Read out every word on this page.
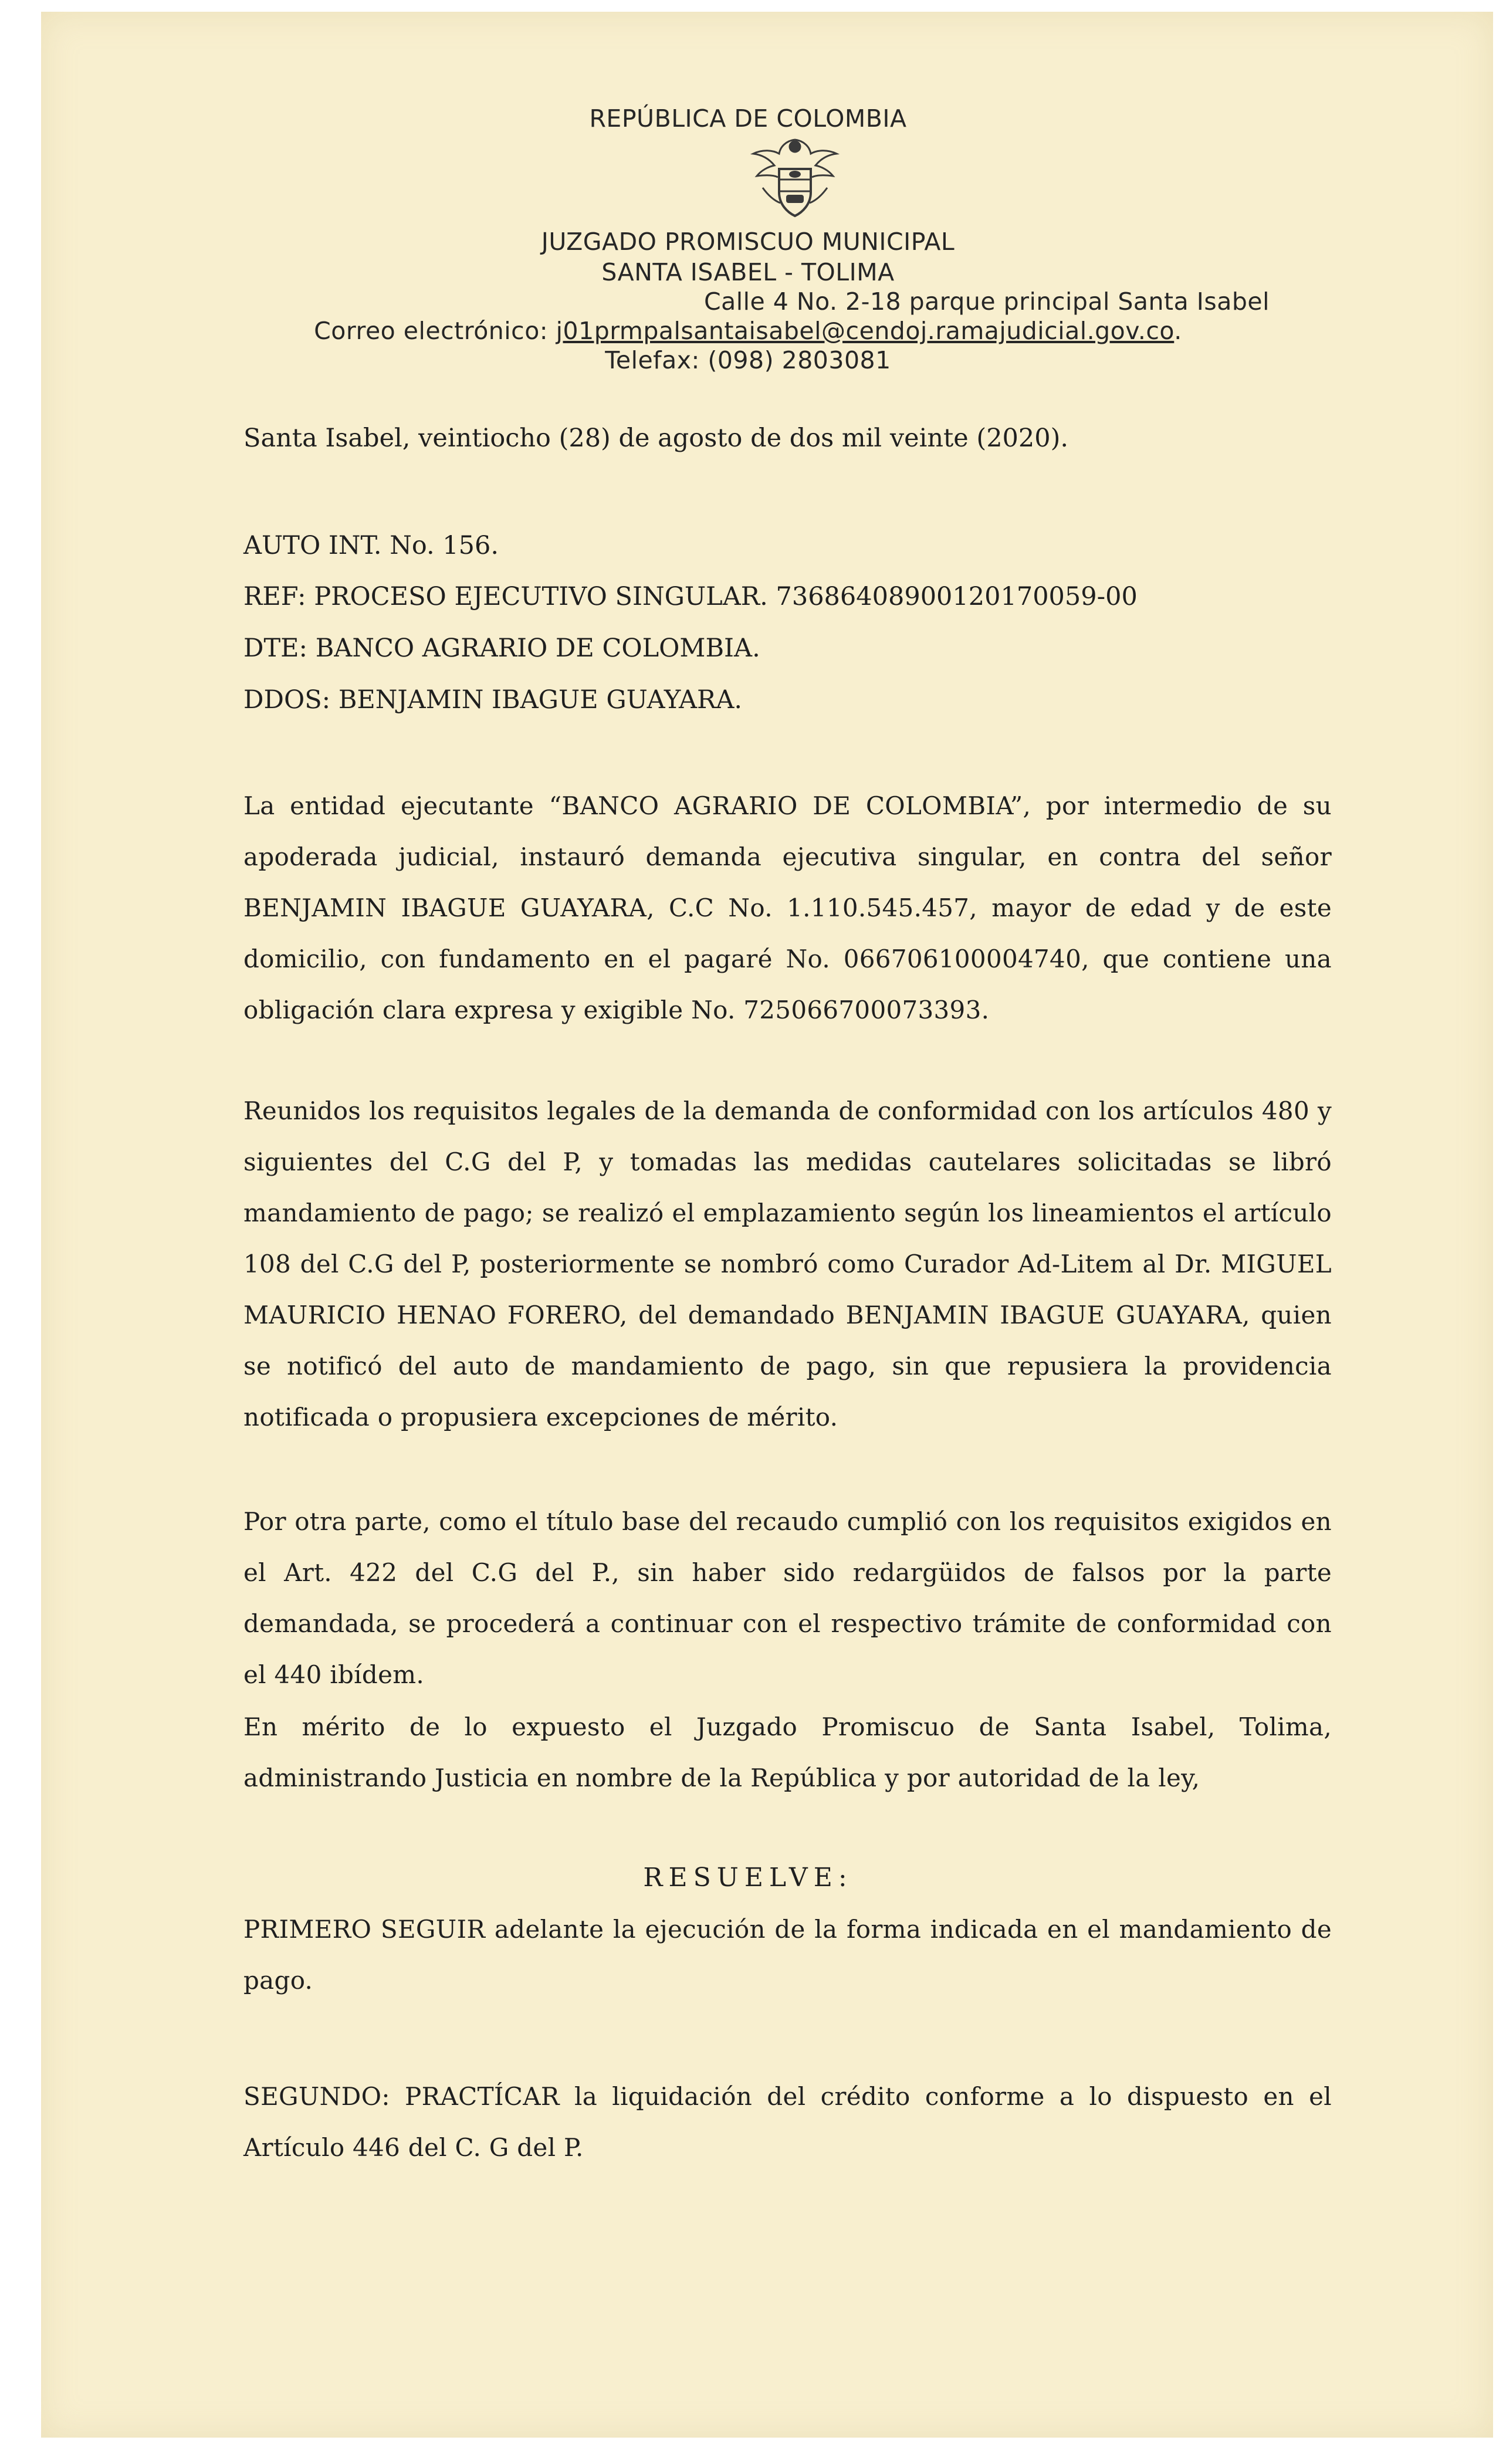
REPÚBLICA DE COLOMBIA
JUZGADO PROMISCUO MUNICIPAL
SANTA ISABEL - TOLIMA
Calle 4 No. 2-18 parque principal Santa Isabel
Correo electrónico: j01prmpalsantaisabel@cendoj.ramajudicial.gov.co.
Telefax: (098) 2803081
Santa Isabel, veintiocho (28) de agosto de dos mil veinte (2020).
AUTO INT. No. 156.
REF: PROCESO EJECUTIVO SINGULAR. 73686408900120170059-00
DTE: BANCO AGRARIO DE COLOMBIA.
DDOS: BENJAMIN IBAGUE GUAYARA.
La entidad ejecutante “BANCO AGRARIO DE COLOMBIA”, por intermedio de su apoderada judicial, instauró demanda ejecutiva singular, en contra del señor BENJAMIN IBAGUE GUAYARA, C.C No. 1.110.545.457, mayor de edad y de este domicilio, con fundamento en el pagaré No. 066706100004740, que contiene una obligación clara expresa y exigible No. 725066700073393.
Reunidos los requisitos legales de la demanda de conformidad con los artículos 480 y siguientes del C.G del P, y tomadas las medidas cautelares solicitadas se libró mandamiento de pago; se realizó el emplazamiento según los lineamientos el artículo 108 del C.G del P, posteriormente se nombró como Curador Ad-Litem al Dr. MIGUEL MAURICIO HENAO FORERO, del demandado BENJAMIN IBAGUE GUAYARA, quien se notificó del auto de mandamiento de pago, sin que repusiera la providencia notificada o propusiera excepciones de mérito.
Por otra parte, como el título base del recaudo cumplió con los requisitos exigidos en el Art. 422 del C.G del P., sin haber sido redargüidos de falsos por la parte demandada, se procederá a continuar con el respectivo trámite de conformidad con el 440 ibídem.
En mérito de lo expuesto el Juzgado Promiscuo de Santa Isabel, Tolima, administrando Justicia en nombre de la República y por autoridad de la ley,
RESUELVE:
PRIMERO SEGUIR adelante la ejecución de la forma indicada en el mandamiento de pago.
SEGUNDO: PRACTÍCAR la liquidación del crédito conforme a lo dispuesto en el Artículo 446 del C. G del P.
